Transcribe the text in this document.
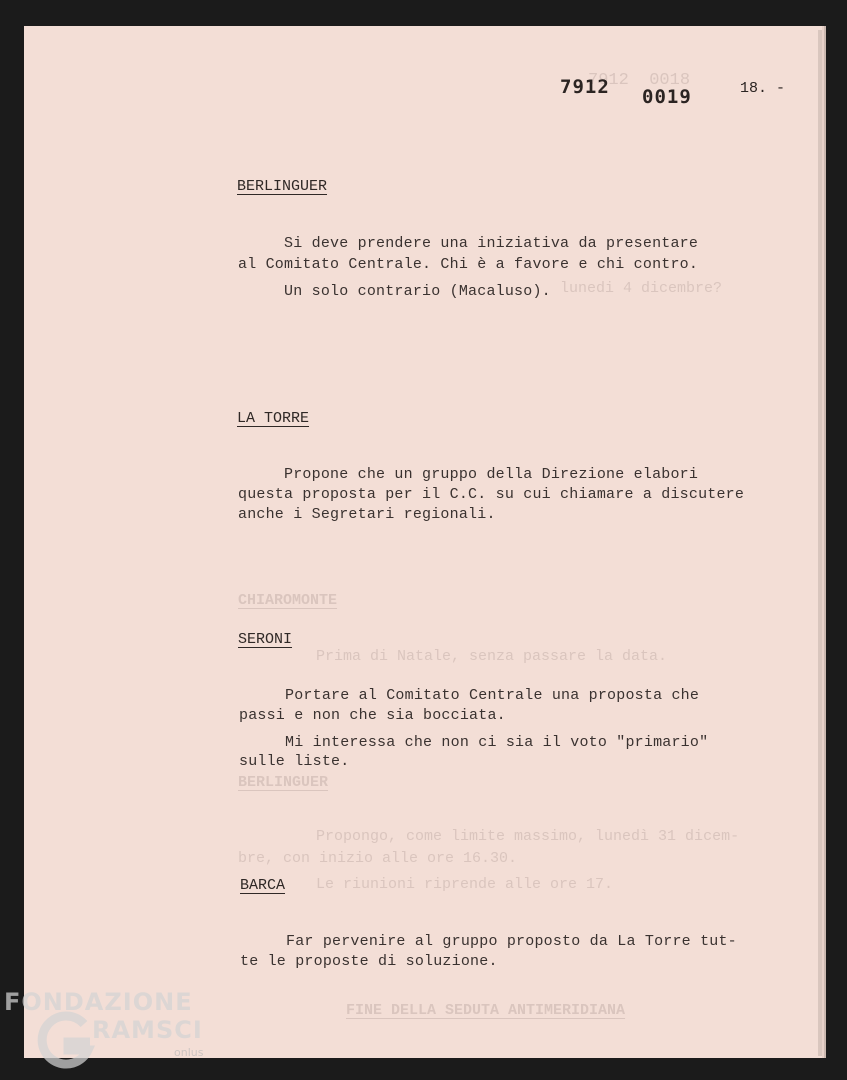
7912  0018
lunedi 4 dicembre?
CHIAROMONTE
Prima di Natale, senza passare la data.
BERLINGUER
Propongo, come limite massimo, lunedì 31 dicem-
bre, con inizio alle ore 16.30.
Le riunioni riprende alle ore 17.
FINE DELLA SEDUTA ANTIMERIDIANA
7912 0019	18. -
BERLINGUER
Si deve prendere una iniziativa da presentare
al Comitato Centrale. Chi è a favore e chi contro.
Un solo contrario (Macaluso).
LA TORRE
Propone che un gruppo della Direzione elabori
questa proposta per il C.C. su cui chiamare a discutere
anche i Segretari regionali.
SERONI
Portare al Comitato Centrale una proposta che
passi e non che sia bocciata.
Mi interessa che non ci sia il voto "primario"
sulle liste.
BARCA
Far pervenire al gruppo proposto da La Torre tut-
te le proposte di soluzione.
FONDAZIONE
RAMSCI
onlus
